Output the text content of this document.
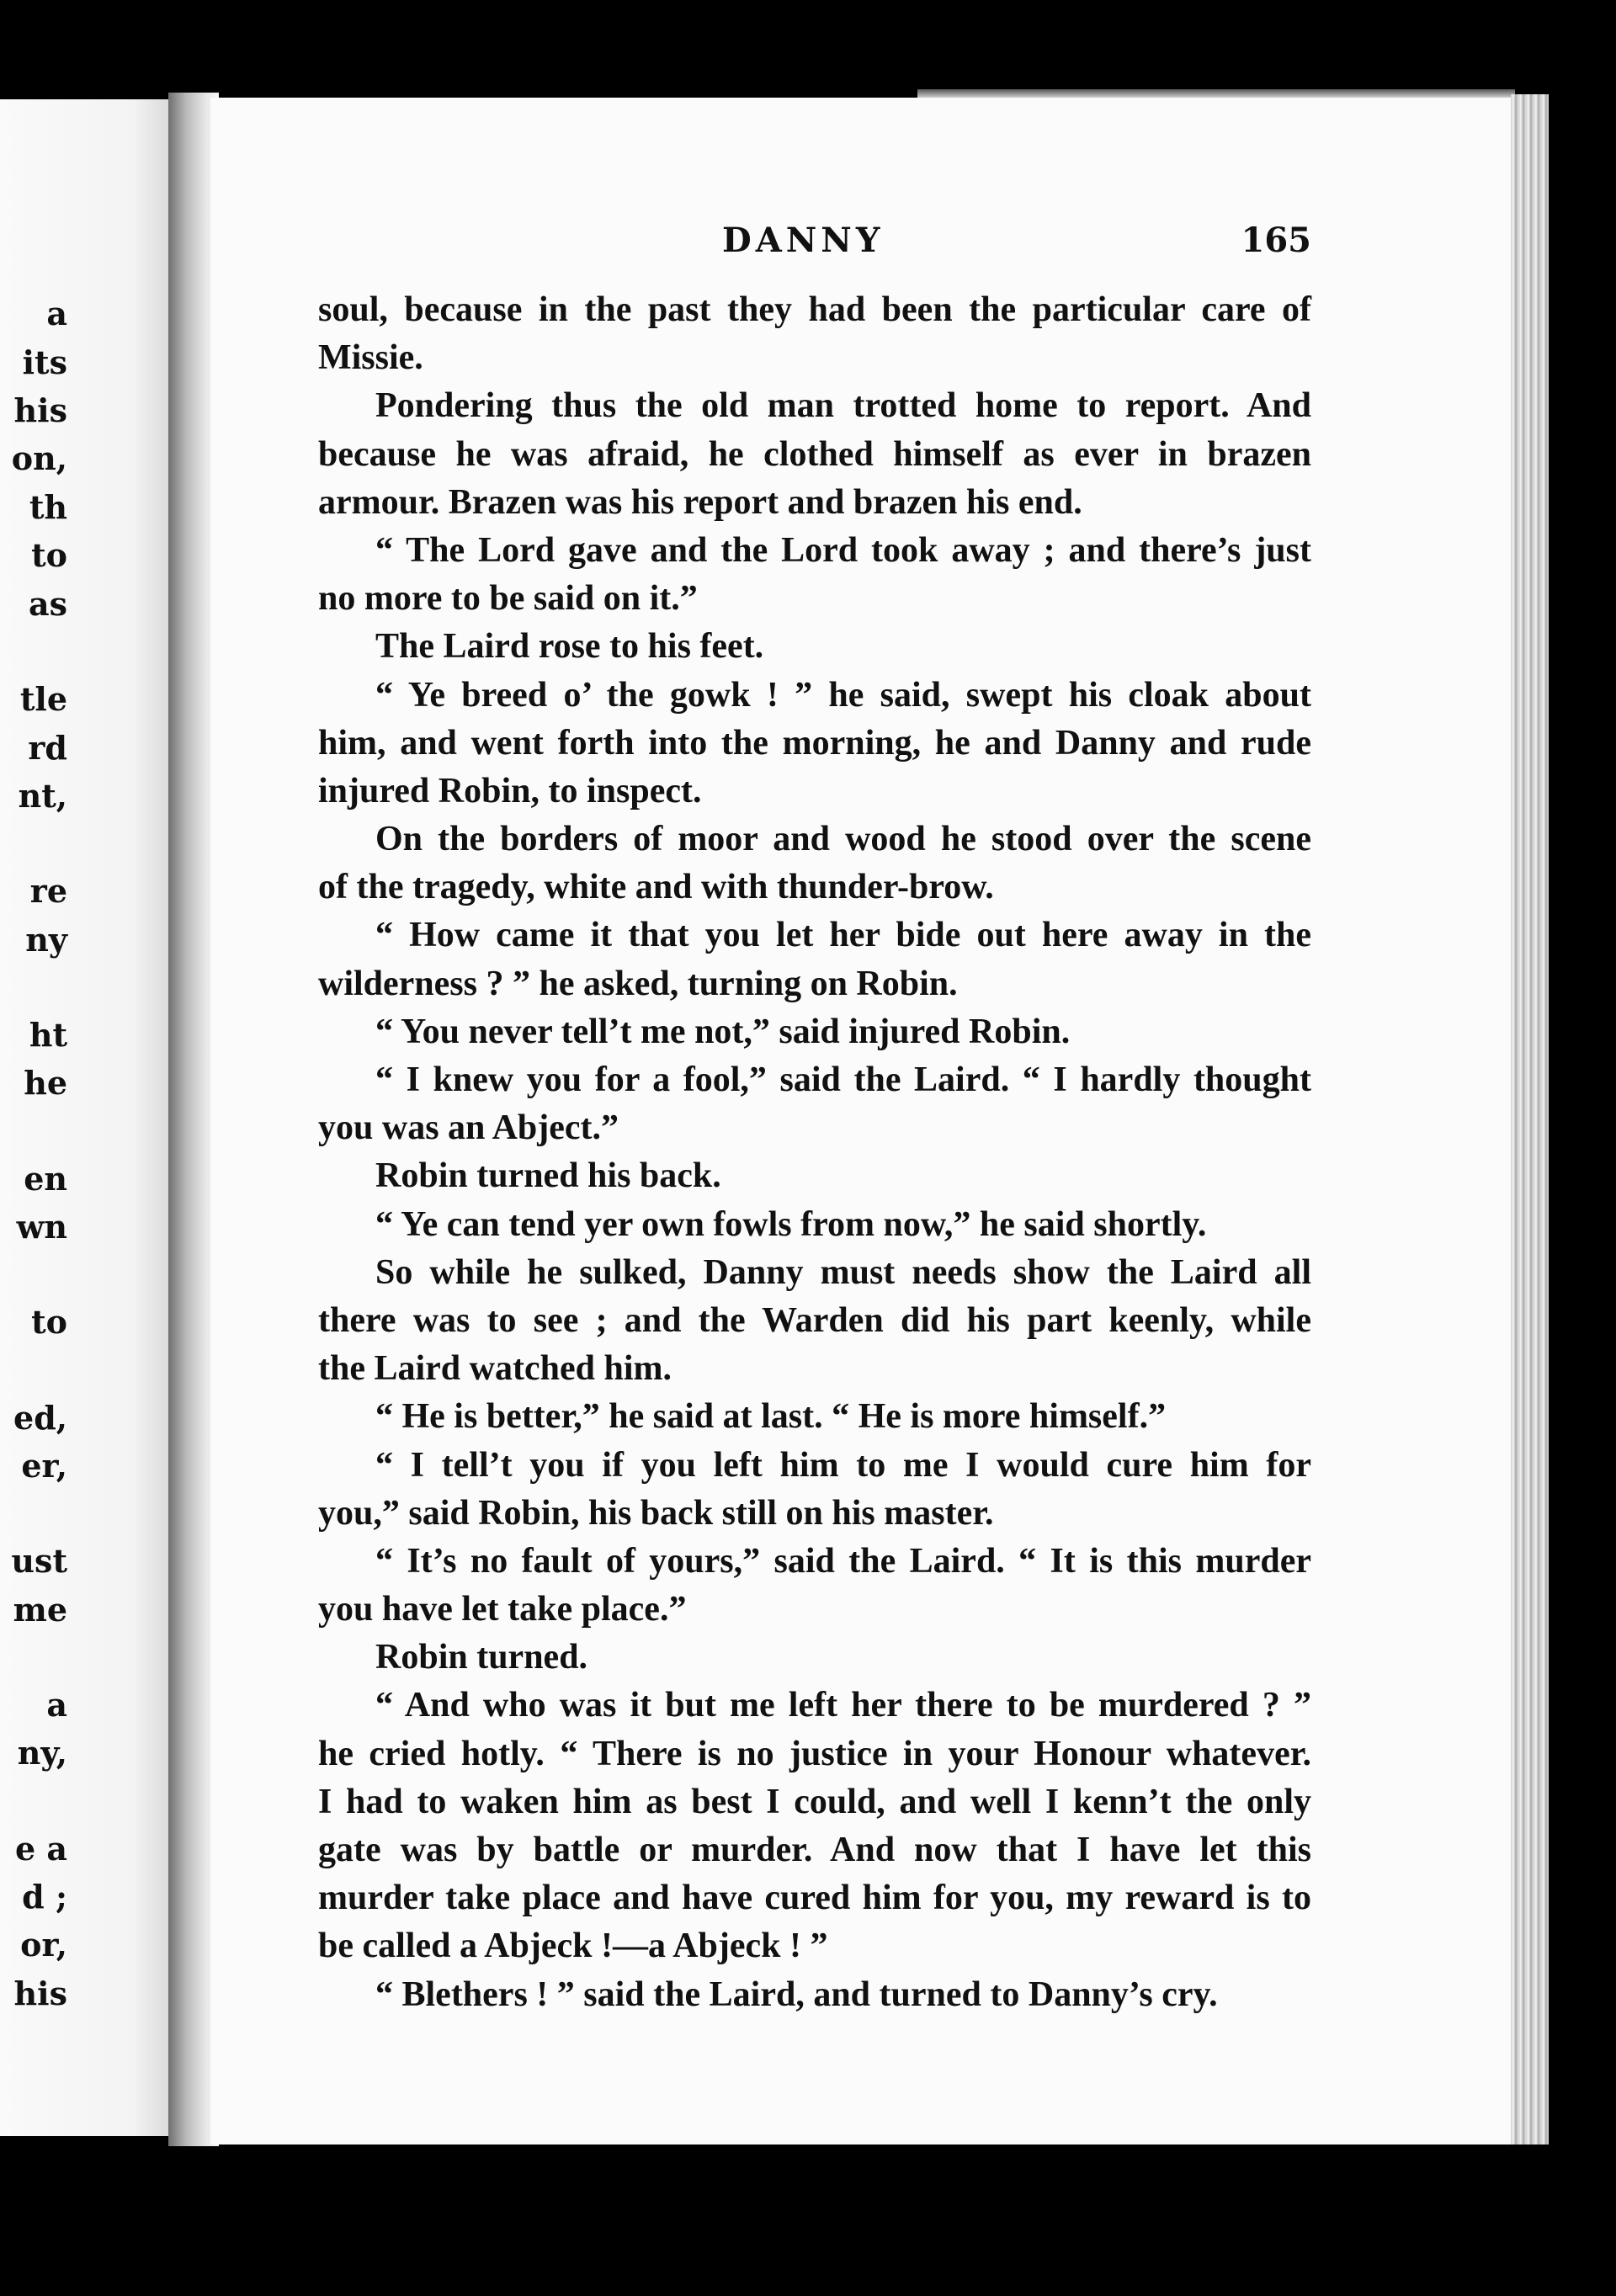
a

its

his

on,

th

to

as

tle

rd

nt,

re

ny

ht

he

en

wn

to

ed,

er,

ust

me

a

ny,

e a

d ;

or,

his

DANNY	165

soul, because in the past they had been the particular care of

Missie.

Pondering thus the old man trotted home to report. And

because he was afraid, he clothed himself as ever in brazen

armour. Brazen was his report and brazen his end.

“ The Lord gave and the Lord took away ; and there’s just

no more to be said on it.”

The Laird rose to his feet.

“ Ye breed o’ the gowk ! ” he said, swept his cloak about

him, and went forth into the morning, he and Danny and rude

injured Robin, to inspect.

On the borders of moor and wood he stood over the scene

of the tragedy, white and with thunder-brow.

“ How came it that you let her bide out here away in the

wilderness ? ” he asked, turning on Robin.

“ You never tell’t me not,” said injured Robin.

“ I knew you for a fool,” said the Laird. “ I hardly thought

you was an Abject.”

Robin turned his back.

“ Ye can tend yer own fowls from now,” he said shortly.

So while he sulked, Danny must needs show the Laird all

there was to see ; and the Warden did his part keenly, while

the Laird watched him.

“ He is better,” he said at last. “ He is more himself.”

“ I tell’t you if you left him to me I would cure him for

you,” said Robin, his back still on his master.

“ It’s no fault of yours,” said the Laird. “ It is this murder

you have let take place.”

Robin turned.

“ And who was it but me left her there to be murdered ? ”

he cried hotly. “ There is no justice in your Honour whatever.

I had to waken him as best I could, and well I kenn’t the only

gate was by battle or murder. And now that I have let this

murder take place and have cured him for you, my reward is to

be called a Abjeck !—a Abjeck ! ”

“ Blethers ! ” said the Laird, and turned to Danny’s cry.
